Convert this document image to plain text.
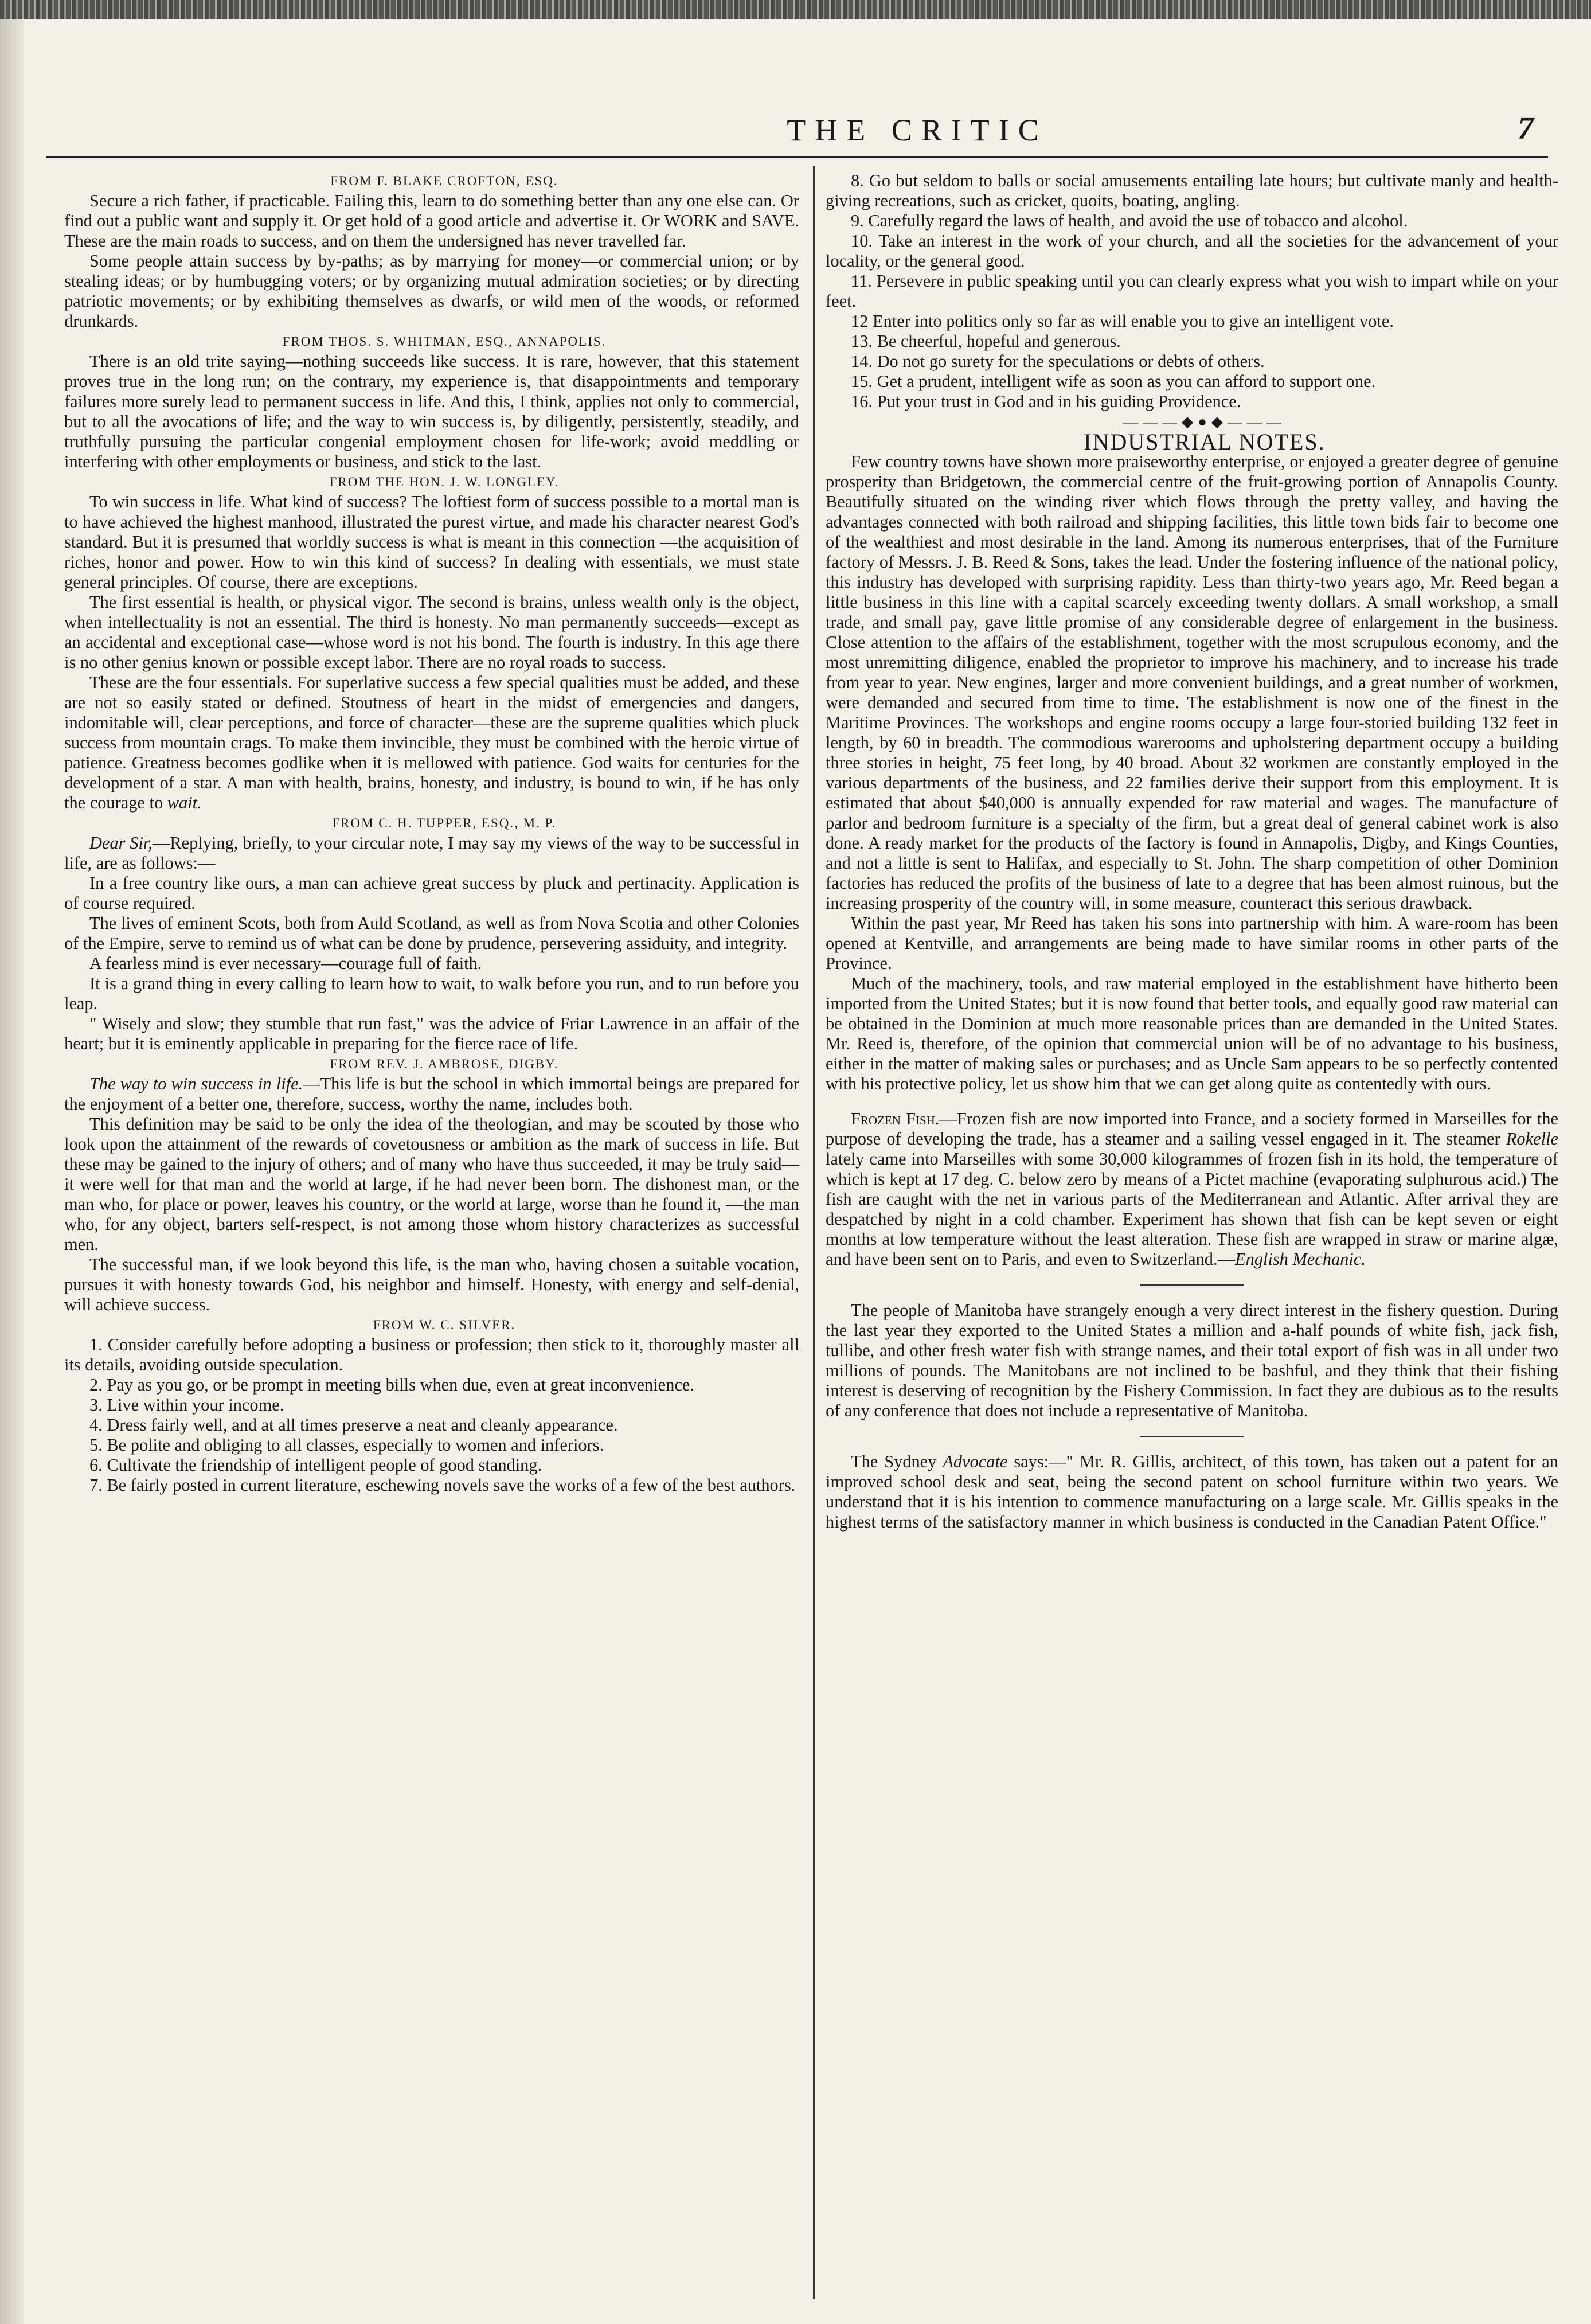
THE CRITIC	7

FROM F. BLAKE CROFTON, ESQ.

Secure a rich father, if practicable. Failing this, learn to do something better than any one else can. Or find out a public want and supply it. Or get hold of a good article and advertise it. Or WORK and SAVE. These are the main roads to success, and on them the undersigned has never travelled far.

Some people attain success by by-paths; as by marrying for money—or commercial union; or by stealing ideas; or by humbugging voters; or by organizing mutual admiration societies; or by directing patriotic movements; or by exhibiting themselves as dwarfs, or wild men of the woods, or reformed drunkards.

FROM THOS. S. WHITMAN, ESQ., ANNAPOLIS.

There is an old trite saying—nothing succeeds like success. It is rare, however, that this statement proves true in the long run; on the contrary, my experience is, that disappointments and temporary failures more surely lead to permanent success in life. And this, I think, applies not only to commercial, but to all the avocations of life; and the way to win success is, by diligently, persistently, steadily, and truthfully pursuing the particular congenial employment chosen for life-work; avoid meddling or interfering with other employments or business, and stick to the last.

FROM THE HON. J. W. LONGLEY.

To win success in life. What kind of success? The loftiest form of success possible to a mortal man is to have achieved the highest manhood, illustrated the purest virtue, and made his character nearest God's standard. But it is presumed that worldly success is what is meant in this connection —the acquisition of riches, honor and power. How to win this kind of success? In dealing with essentials, we must state general principles. Of course, there are exceptions.

The first essential is health, or physical vigor. The second is brains, unless wealth only is the object, when intellectuality is not an essential. The third is honesty. No man permanently succeeds—except as an accidental and exceptional case—whose word is not his bond. The fourth is industry. In this age there is no other genius known or possible except labor. There are no royal roads to success.

These are the four essentials. For superlative success a few special qualities must be added, and these are not so easily stated or defined. Stoutness of heart in the midst of emergencies and dangers, indomitable will, clear perceptions, and force of character—these are the supreme qualities which pluck success from mountain crags. To make them invincible, they must be combined with the heroic virtue of patience. Greatness becomes godlike when it is mellowed with patience. God waits for centuries for the development of a star. A man with health, brains, honesty, and industry, is bound to win, if he has only the courage to wait.

FROM C. H. TUPPER, ESQ., M. P.

Dear Sir,—Replying, briefly, to your circular note, I may say my views of the way to be successful in life, are as follows:—

In a free country like ours, a man can achieve great success by pluck and pertinacity. Application is of course required.

The lives of eminent Scots, both from Auld Scotland, as well as from Nova Scotia and other Colonies of the Empire, serve to remind us of what can be done by prudence, persevering assiduity, and integrity.

A fearless mind is ever necessary—courage full of faith.

It is a grand thing in every calling to learn how to wait, to walk before you run, and to run before you leap.

" Wisely and slow; they stumble that run fast," was the advice of Friar Lawrence in an affair of the heart; but it is eminently applicable in preparing for the fierce race of life.

FROM REV. J. AMBROSE, DIGBY.

The way to win success in life.—This life is but the school in which immortal beings are prepared for the enjoyment of a better one, therefore, success, worthy the name, includes both.

This definition may be said to be only the idea of the theologian, and may be scouted by those who look upon the attainment of the rewards of covetousness or ambition as the mark of success in life. But these may be gained to the injury of others; and of many who have thus succeeded, it may be truly said—it were well for that man and the world at large, if he had never been born. The dishonest man, or the man who, for place or power, leaves his country, or the world at large, worse than he found it, —the man who, for any object, barters self-respect, is not among those whom history characterizes as successful men.

The successful man, if we look beyond this life, is the man who, having chosen a suitable vocation, pursues it with honesty towards God, his neighbor and himself. Honesty, with energy and self-denial, will achieve success.

FROM W. C. SILVER.

1. Consider carefully before adopting a business or profession; then stick to it, thoroughly master all its details, avoiding outside speculation.

2. Pay as you go, or be prompt in meeting bills when due, even at great inconvenience.

3. Live within your income.

4. Dress fairly well, and at all times preserve a neat and cleanly appearance.

5. Be polite and obliging to all classes, especially to women and inferiors.

6. Cultivate the friendship of intelligent people of good standing.

7. Be fairly posted in current literature, eschewing novels save the works of a few of the best authors.

8. Go but seldom to balls or social amusements entailing late hours; but cultivate manly and health-giving recreations, such as cricket, quoits, boating, angling.

9. Carefully regard the laws of health, and avoid the use of tobacco and alcohol.

10. Take an interest in the work of your church, and all the societies for the advancement of your locality, or the general good.

11. Persevere in public speaking until you can clearly express what you wish to impart while on your feet.

12 Enter into politics only so far as will enable you to give an intelligent vote.

13. Be cheerful, hopeful and generous.

14. Do not go surety for the speculations or debts of others.

15. Get a prudent, intelligent wife as soon as you can afford to support one.

16. Put your trust in God and in his guiding Providence.

———◆●◆———

INDUSTRIAL NOTES.

Few country towns have shown more praiseworthy enterprise, or enjoyed a greater degree of genuine prosperity than Bridgetown, the commercial centre of the fruit-growing portion of Annapolis County. Beautifully situated on the winding river which flows through the pretty valley, and having the advantages connected with both railroad and shipping facilities, this little town bids fair to become one of the wealthiest and most desirable in the land. Among its numerous enterprises, that of the Furniture factory of Messrs. J. B. Reed & Sons, takes the lead. Under the fostering influence of the national policy, this industry has developed with surprising rapidity. Less than thirty-two years ago, Mr. Reed began a little business in this line with a capital scarcely exceeding twenty dollars. A small workshop, a small trade, and small pay, gave little promise of any considerable degree of enlargement in the business. Close attention to the affairs of the establishment, together with the most scrupulous economy, and the most unremitting diligence, enabled the proprietor to improve his machinery, and to increase his trade from year to year. New engines, larger and more convenient buildings, and a great number of workmen, were demanded and secured from time to time. The establishment is now one of the finest in the Maritime Provinces. The workshops and engine rooms occupy a large four-storied building 132 feet in length, by 60 in breadth. The commodious warerooms and upholstering department occupy a building three stories in height, 75 feet long, by 40 broad. About 32 workmen are constantly employed in the various departments of the business, and 22 families derive their support from this employment. It is estimated that about $40,000 is annually expended for raw material and wages. The manufacture of parlor and bedroom furniture is a specialty of the firm, but a great deal of general cabinet work is also done. A ready market for the products of the factory is found in Annapolis, Digby, and Kings Counties, and not a little is sent to Halifax, and especially to St. John. The sharp competition of other Dominion factories has reduced the profits of the business of late to a degree that has been almost ruinous, but the increasing prosperity of the country will, in some measure, counteract this serious drawback.

Within the past year, Mr Reed has taken his sons into partnership with him. A ware-room has been opened at Kentville, and arrangements are being made to have similar rooms in other parts of the Province.

Much of the machinery, tools, and raw material employed in the establishment have hitherto been imported from the United States; but it is now found that better tools, and equally good raw material can be obtained in the Dominion at much more reasonable prices than are demanded in the United States. Mr. Reed is, therefore, of the opinion that commercial union will be of no advantage to his business, either in the matter of making sales or purchases; and as Uncle Sam appears to be so perfectly contented with his protective policy, let us show him that we can get along quite as contentedly with ours.

Frozen Fish.—Frozen fish are now imported into France, and a society formed in Marseilles for the purpose of developing the trade, has a steamer and a sailing vessel engaged in it. The steamer Rokelle lately came into Marseilles with some 30,000 kilogrammes of frozen fish in its hold, the temperature of which is kept at 17 deg. C. below zero by means of a Pictet machine (evaporating sulphurous acid.) The fish are caught with the net in various parts of the Mediterranean and Atlantic. After arrival they are despatched by night in a cold chamber. Experiment has shown that fish can be kept seven or eight months at low temperature without the least alteration. These fish are wrapped in straw or marine algæ, and have been sent on to Paris, and even to Switzerland.—English Mechanic.

The people of Manitoba have strangely enough a very direct interest in the fishery question. During the last year they exported to the United States a million and a-half pounds of white fish, jack fish, tullibe, and other fresh water fish with strange names, and their total export of fish was in all under two millions of pounds. The Manitobans are not inclined to be bashful, and they think that their fishing interest is deserving of recognition by the Fishery Commission. In fact they are dubious as to the results of any conference that does not include a representative of Manitoba.

The Sydney Advocate says:—" Mr. R. Gillis, architect, of this town, has taken out a patent for an improved school desk and seat, being the second patent on school furniture within two years. We understand that it is his intention to commence manufacturing on a large scale. Mr. Gillis speaks in the highest terms of the satisfactory manner in which business is conducted in the Canadian Patent Office."
